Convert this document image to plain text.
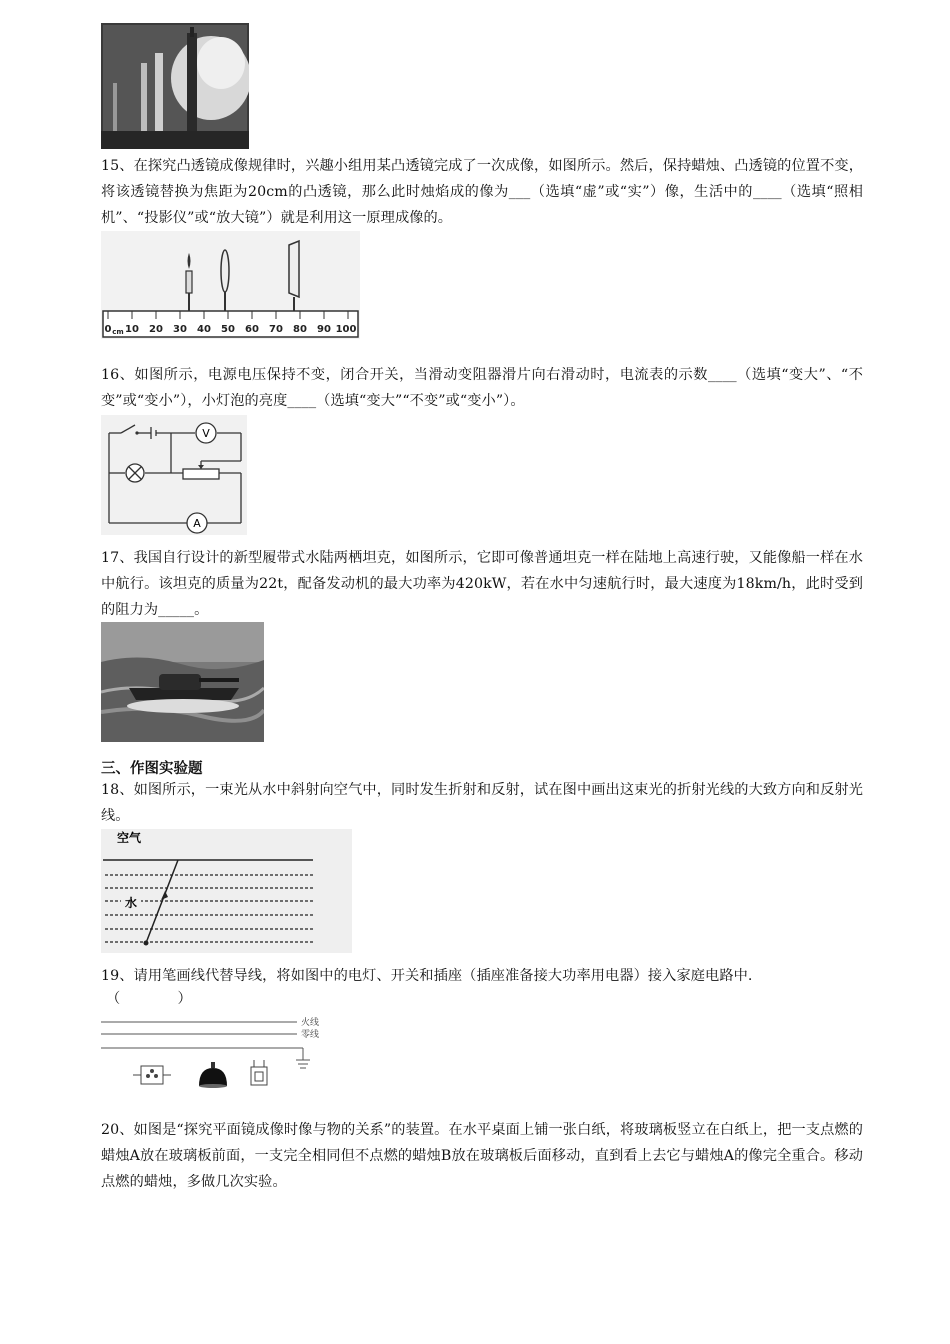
15、在探究凸透镜成像规律时，兴趣小组用某凸透镜完成了一次成像，如图所示。然后，保持蜡烛、凸透镜的位置不变，将该透镜替换为焦距为20cm的凸透镜，那么此时烛焰成的像为___（选填“虚”或“实”）像，生活中的____（选填“照相机”、“投影仪”或“放大镜”）就是利用这一原理成像的。

0 cm 10 20 30 40 50 60 70 80 90 100

16、如图所示，电源电压保持不变，闭合开关，当滑动变阻器滑片向右滑动时，电流表的示数____（选填“变大”、“不变”或“变小”），小灯泡的亮度____（选填“变大”“不变”或“变小”）。

V
A

17、我国自行设计的新型履带式水陆两栖坦克，如图所示，它即可像普通坦克一样在陆地上高速行驶，又能像船一样在水中航行。该坦克的质量为22t，配备发动机的最大功率为420kW，若在水中匀速航行时，最大速度为18km/h，此时受到的阻力为_____。

三、作图实验题

18、如图所示，一束光从水中斜射向空气中，同时发生折射和反射，试在图中画出这束光的折射光线的大致方向和反射光线。

空气
水

19、请用笔画线代替导线，将如图中的电灯、开关和插座（插座准备接大功率用电器）接入家庭电路中.

（　　　　）

火线
零线

20、如图是“探究平面镜成像时像与物的关系”的装置。在水平桌面上铺一张白纸，将玻璃板竖立在白纸上，把一支点燃的蜡烛A放在玻璃板前面，一支完全相同但不点燃的蜡烛B放在玻璃板后面移动，直到看上去它与蜡烛A的像完全重合。移动点燃的蜡烛，多做几次实验。
